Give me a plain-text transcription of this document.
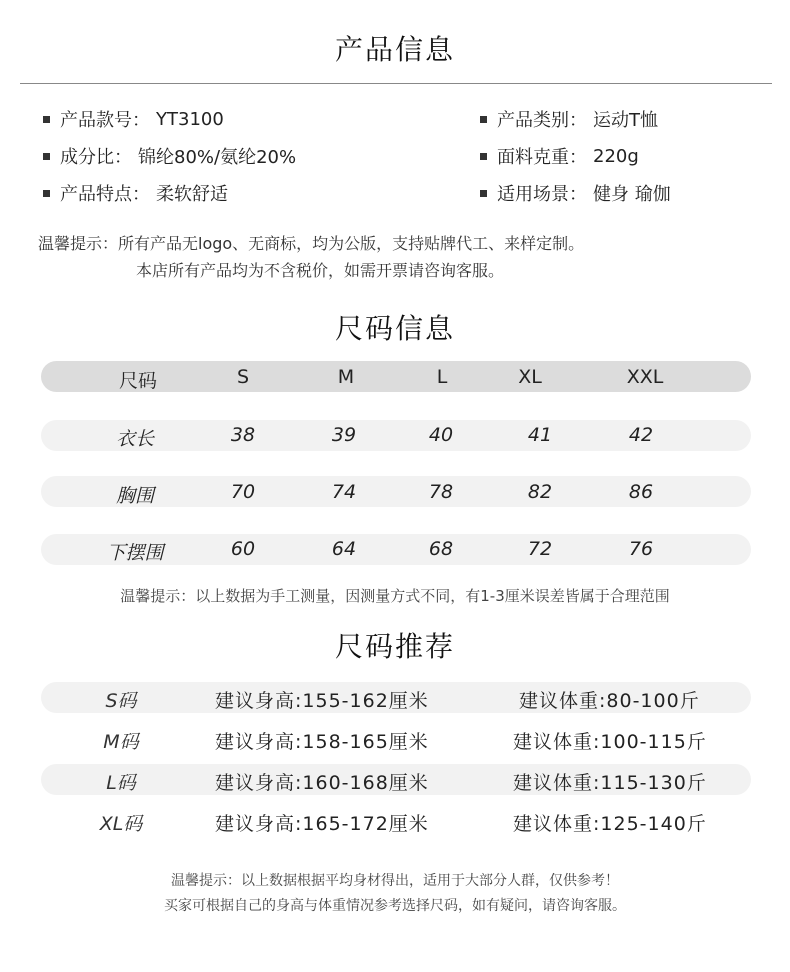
产品信息
产品款号： YT3100	产品类别： 运动T恤
成分比： 锦纶80%/氨纶20%	面料克重： 220g
产品特点： 柔软舒适	适用场景： 健身 瑜伽
温馨提示：所有产品无logo、无商标，均为公版，支持贴牌代工、来样定制。
本店所有产品均为不含税价，如需开票请咨询客服。
尺码信息
尺码	S	M	L	XL	XXL
衣长	38	39	40	41	42
胸围	70	74	78	82	86
下摆围	60	64	68	72	76
温馨提示：以上数据为手工测量，因测量方式不同，有1-3厘米误差皆属于合理范围
尺码推荐
S码	建议身高:155-162厘米	建议体重:80-100斤
M码	建议身高:158-165厘米	建议体重:100-115斤
L码	建议身高:160-168厘米	建议体重:115-130斤
XL码	建议身高:165-172厘米	建议体重:125-140斤
温馨提示：以上数据根据平均身材得出，适用于大部分人群，仅供参考！
买家可根据自己的身高与体重情况参考选择尺码，如有疑问，请咨询客服。
